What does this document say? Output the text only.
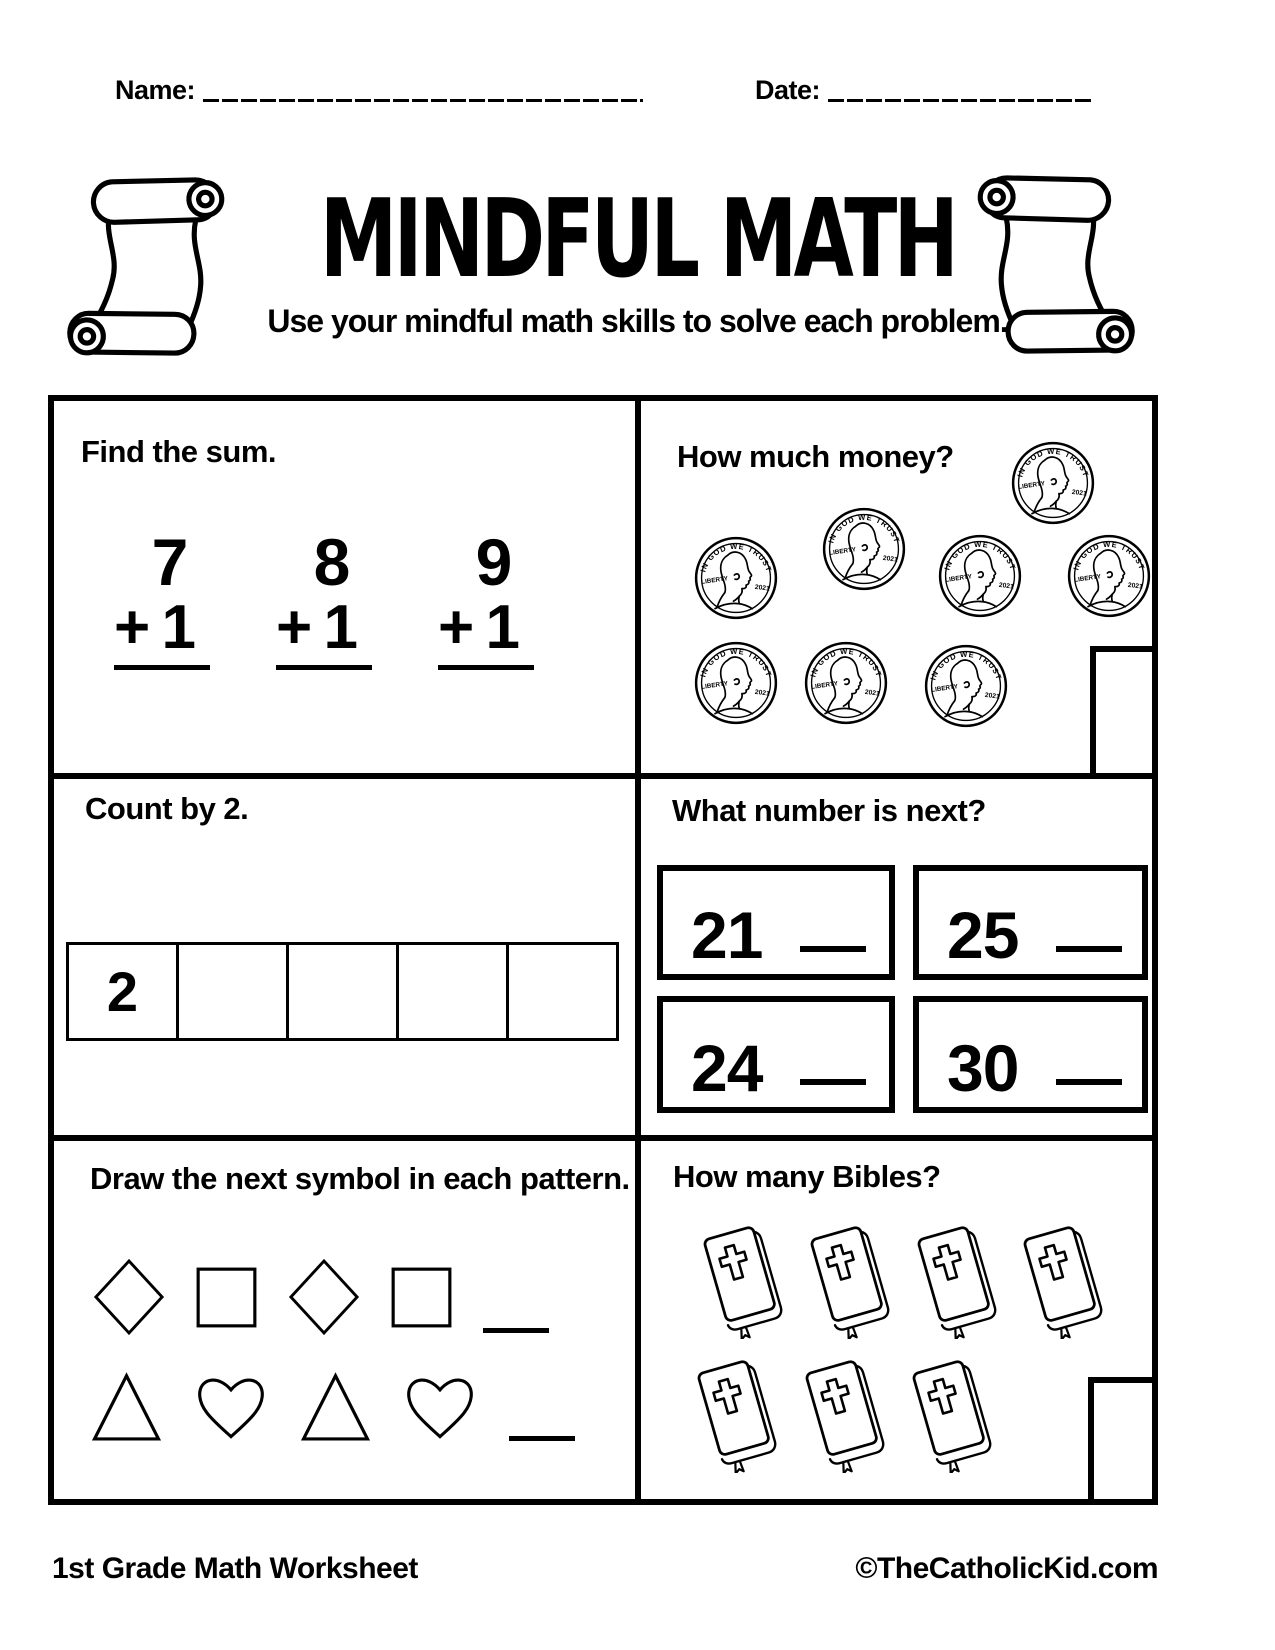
Name:	Date:
MINDFUL MATH
Use your mindful math skills to solve each problem.
Find the sum.
7
+ 1
8
+ 1
9
+ 1
How much money?
IN GOD WE TRUST
LIBERTY
2021
IN GOD WE TRUST
LIBERTY
2021
IN GOD WE TRUST
LIBERTY
2021
IN GOD WE TRUST
LIBERTY
2021
IN GOD WE TRUST
LIBERTY
2021
IN GOD WE TRUST
LIBERTY
2021
IN GOD WE TRUST
LIBERTY
2021
IN GOD WE TRUST
LIBERTY
2021
Count by 2.
2
What number is next?
21	25
24	30
Draw the next symbol in each pattern. How many Bibles?
1st Grade Math Worksheet	©TheCatholicKid.com
